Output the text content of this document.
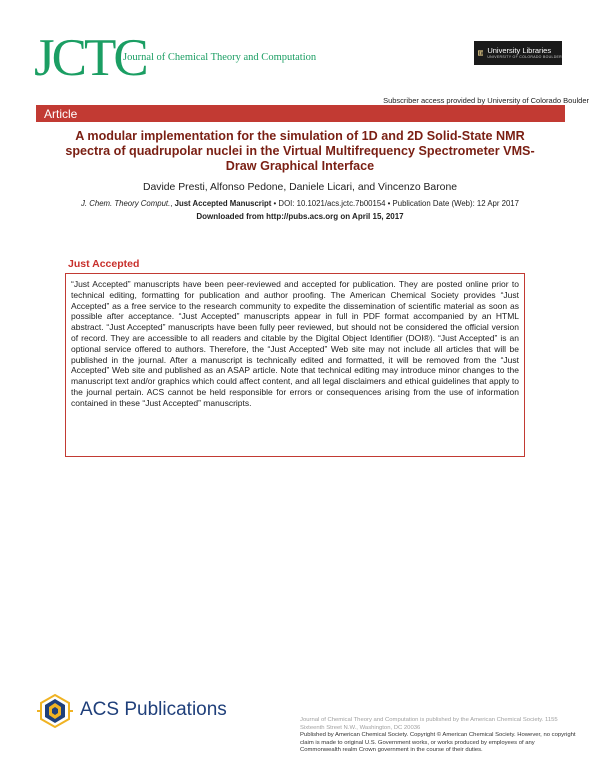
JCTC
Journal of Chemical Theory and Computation
University Libraries
UNIVERSITY OF COLORADO BOULDER
Subscriber access provided by University of Colorado Boulder
Article
A modular implementation for the simulation of 1D and 2D Solid-State NMR spectra of quadrupolar nuclei in the Virtual Multifrequency Spectrometer VMS-Draw Graphical Interface
Davide Presti, Alfonso Pedone, Daniele Licari, and Vincenzo Barone
J. Chem. Theory Comput., Just Accepted Manuscript • DOI: 10.1021/acs.jctc.7b00154 • Publication Date (Web): 12 Apr 2017
Downloaded from http://pubs.acs.org on April 15, 2017
Just Accepted

“Just Accepted” manuscripts have been peer-reviewed and accepted for publication. They are posted online prior to technical editing, formatting for publication and author proofing. The American Chemical Society provides “Just Accepted” as a free service to the research community to expedite the dissemination of scientific material as soon as possible after acceptance. “Just Accepted” manuscripts appear in full in PDF format accompanied by an HTML abstract. “Just Accepted” manuscripts have been fully peer reviewed, but should not be considered the official version of record. They are accessible to all readers and citable by the Digital Object Identifier (DOI®). “Just Accepted” is an optional service offered to authors. Therefore, the “Just Accepted” Web site may not include all articles that will be published in the journal. After a manuscript is technically edited and formatted, it will be removed from the “Just Accepted” Web site and published as an ASAP article. Note that technical editing may introduce minor changes to the manuscript text and/or graphics which could affect content, and all legal disclaimers and ethical guidelines that apply to the journal pertain. ACS cannot be held responsible for errors or consequences arising from the use of information contained in these “Just Accepted” manuscripts.

ACS Publications	Journal of Chemical Theory and Computation is published by the American Chemical Society. 1155 Sixteenth Street N.W., Washington, DC 20036
Published by American Chemical Society. Copyright © American Chemical Society. However, no copyright claim is made to original U.S. Government works, or works produced by employees of any Commonwealth realm Crown government in the course of their duties.
